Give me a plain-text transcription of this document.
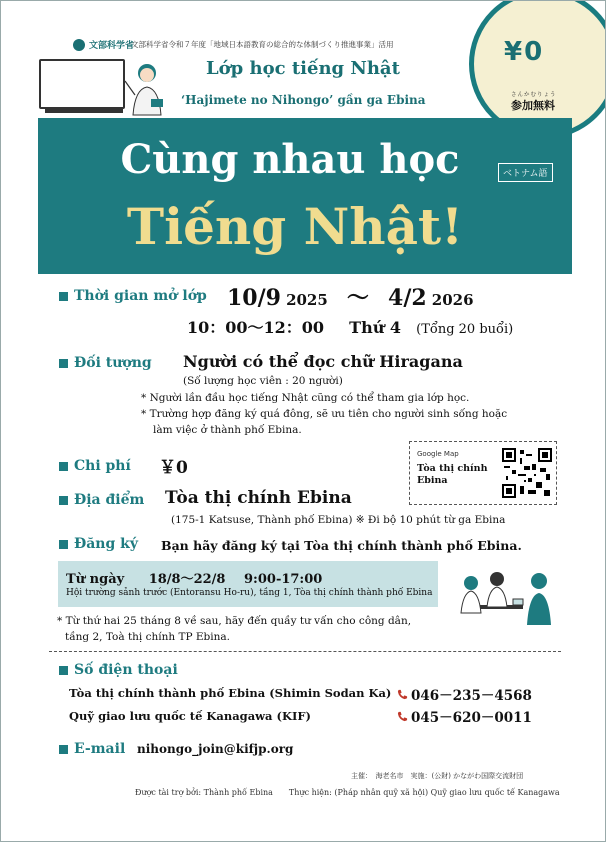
文部科学省
文部科学省令和７年度「地域日本語教育の総合的な体制づくり推進事業」活用
Lớp học tiếng Nhật
‘Hajimete no Nihongo’ gần ga Ebina
¥0
さんかむりょう
参加無料
Cùng nhau học
Tiếng Nhật!
ベトナム語
Thời gian mở lớp 10/9 2025 〜 4/2 2026
10：00〜12：00 Thứ 4 (Tổng 20 buổi)
Đối tượng Người có thể đọc chữ Hiragana
(Số lượng học viên : 20 người)
* Người lần đầu học tiếng Nhật cũng có thể tham gia lớp học.
* Trường hợp đăng ký quá đông, sẽ ưu tiên cho người sinh sống hoặc
làm việc ở thành phố Ebina.
Chi phí ￥0
Google Map
Tòa thị chính
Ebina
Địa điểm Tòa thị chính Ebina
(175-1 Katsuse, Thành phố Ebina) ※ Đi bộ 10 phút từ ga Ebina
Đăng ký Bạn hãy đăng ký tại Tòa thị chính thành phố Ebina.
Từ ngày 18/8〜22/8 9:00-17:00
Hội trường sảnh trước (Entoransu Ho-ru), tầng 1, Tòa thị chính thành phố Ebina
* Từ thứ hai 25 tháng 8 về sau, hãy đến quầy tư vấn cho công dân,
tầng 2, Toà thị chính TP Ebina.
Số điện thoại
Tòa thị chính thành phố Ebina (Shimin Sodan Ka)	046－235－4568
Quỹ giao lưu quốc tế Kanagawa (KIF)	045－620－0011
E-mail nihongo_join@kifjp.org
主催：　海老名市　実施：(公財) かながわ国際交流財団
Được tài trợ bởi: Thành phố Ebina　　Thực hiện: (Pháp nhân quỹ xã hội) Quỹ giao lưu quốc tế Kanagawa
